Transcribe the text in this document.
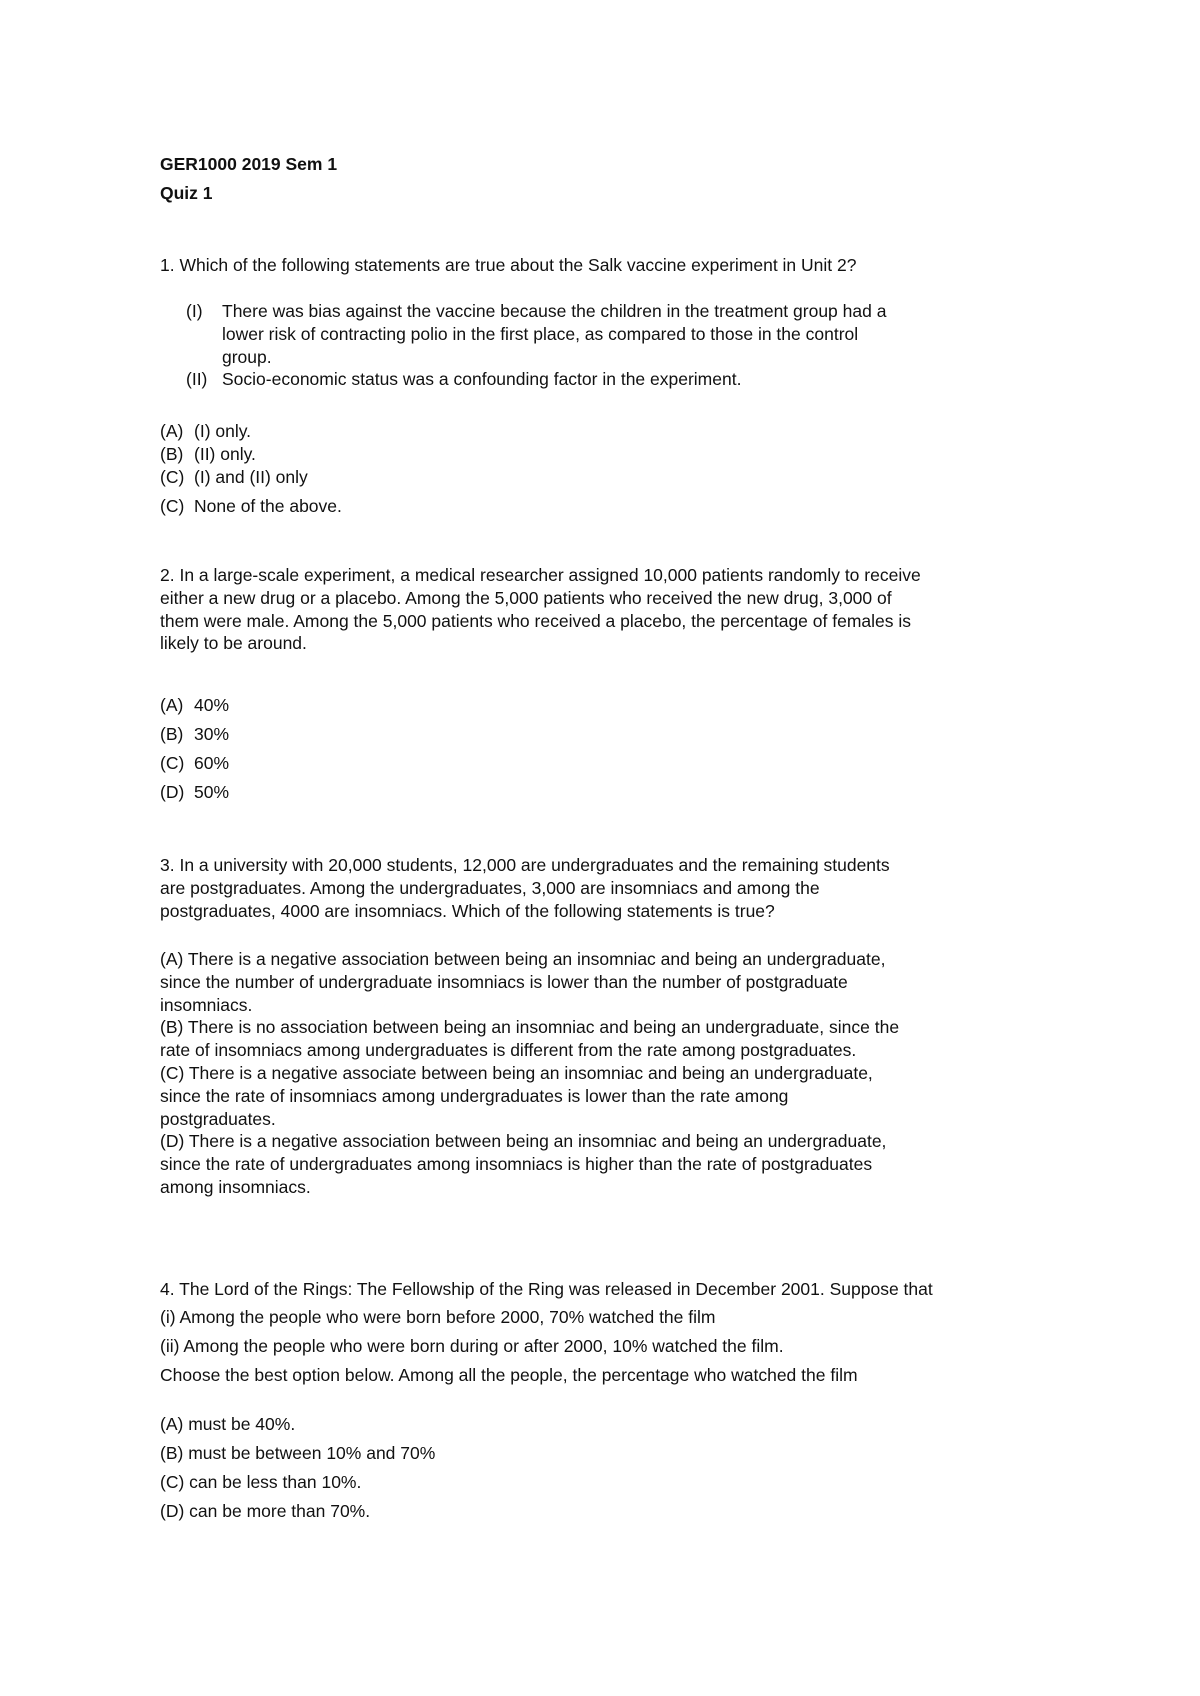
GER1000 2019 Sem 1
Quiz 1
1. Which of the following statements are true about the Salk vaccine experiment in Unit 2?
(I) There was bias against the vaccine because the children in the treatment group had a
lower risk of contracting polio in the first place, as compared to those in the control
group.
(II) Socio-economic status was a confounding factor in the experiment.
(A) (I) only.
(B) (II) only.
(C) (I) and (II) only
(C) None of the above.
2. In a large-scale experiment, a medical researcher assigned 10,000 patients randomly to receive
either a new drug or a placebo. Among the 5,000 patients who received the new drug, 3,000 of
them were male. Among the 5,000 patients who received a placebo, the percentage of females is
likely to be around.
(A) 40%
(B) 30%
(C) 60%
(D) 50%
3. In a university with 20,000 students, 12,000 are undergraduates and the remaining students
are postgraduates. Among the undergraduates, 3,000 are insomniacs and among the
postgraduates, 4000 are insomniacs. Which of the following statements is true?
(A) There is a negative association between being an insomniac and being an undergraduate,
since the number of undergraduate insomniacs is lower than the number of postgraduate
insomniacs.
(B) There is no association between being an insomniac and being an undergraduate, since the
rate of insomniacs among undergraduates is different from the rate among postgraduates.
(C) There is a negative associate between being an insomniac and being an undergraduate,
since the rate of insomniacs among undergraduates is lower than the rate among
postgraduates.
(D) There is a negative association between being an insomniac and being an undergraduate,
since the rate of undergraduates among insomniacs is higher than the rate of postgraduates
among insomniacs.
4. The Lord of the Rings: The Fellowship of the Ring was released in December 2001. Suppose that
(i) Among the people who were born before 2000, 70% watched the film
(ii) Among the people who were born during or after 2000, 10% watched the film.
Choose the best option below. Among all the people, the percentage who watched the film
(A) must be 40%.
(B) must be between 10% and 70%
(C) can be less than 10%.
(D) can be more than 70%.
